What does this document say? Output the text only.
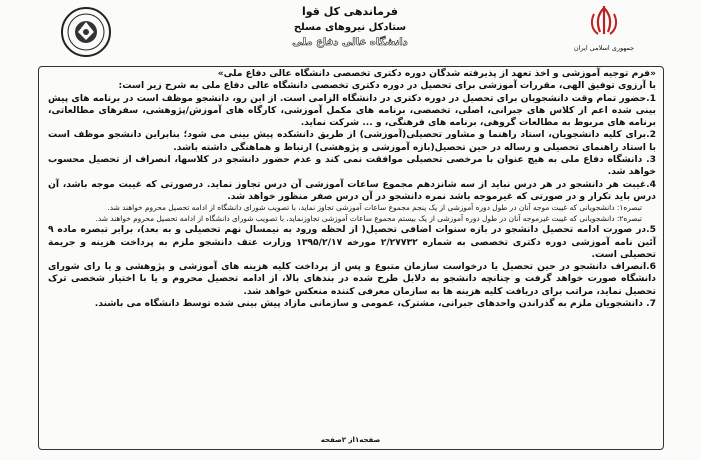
فرماندهی کل قوا
ستادکل نیروهای مسلح
دانشگاه عالی دفاع ملی	جمهوری اسلامی ایران

«فرم توجیه آموزشی و اخذ تعهد از پذیرفته شدگان دوره دکتری تخصصی دانشگاه عالی دفاع ملی»

با آرزوی توفیق الهی، مقررات آموزشی برای تحصیل در دوره دکتری تخصصی دانشگاه عالی دفاع ملی به شرح زیر است:

1.حضور تمام وقت دانشجویان برای تحصیل در دوره دکتری در دانشگاه الزامی است. از این رو، دانشجو موظف است در برنامه های پیش بینی شده اعم از کلاس های جبرانی، اصلی، تخصصی، برنامه های مکمل آموزشی، کارگاه های آموزش/پژوهشی، سفرهای مطالعاتی، برنامه های مربوط به مطالعات گروهی، برنامه های فرهنگی، و ... شرکت نماید.

2.برای کلیه دانشجویان، استاد راهنما و مشاور تحصیلی(آموزشی) از طریق دانشکده پیش بینی می شود؛ بنابراین دانشجو موظف است با استاد راهنمای تحصیلی و رساله در حین تحصیل(بازه آموزشی و پژوهشی) ارتباط و هماهنگی داشته باشد.

3. دانشگاه دفاع ملی به هیچ عنوان با مرخصی تحصیلی موافقت نمی کند و عدم حضور دانشجو در کلاسها، انصراف از تحصیل محسوب خواهد شد.

4.غیبت هر دانشجو در هر درس نباید از سه شانزدهم مجموع ساعات آموزشی آن درس تجاوز نماید. درصورتی که غیبت موجه باشد، آن درس باید تکرار و در صورتی که غیرموجه باشد نمره دانشجو در آن درس صفر منظور خواهد شد.

تبصره۱: دانشجویانی که غیبت موجه آنان در طول دوره آموزشی از یک پنجم مجموع ساعات آموزشی تجاوز نماید، با تصویب شورای دانشگاه از ادامه تحصیل محروم خواهند شد.

تبصره۲: دانشجویانی که غیبت غیرموجه آنان در طول دوره آموزشی از یک بیستم مجموع ساعات آموزشی تجاوزنماید، با تصویب شورای دانشگاه از ادامه تحصیل محروم خواهند شد.

5.در صورت ادامه تحصیل دانشجو در بازه سنوات اضافی تحصیل( از لحظه ورود به نیمسال نهم تحصیلی و به بعد)، برابر تبصره ماده ۹ آئین نامه آموزشی دوره دکتری تخصصی به شماره ۲/۲۷۷۳۲ مورخه ۱۳۹۵/۲/۱۷ وزارت عتف دانشجو ملزم به پرداخت هزینه و جریمة تحصیلی است.

6.انصراف دانشجو در حین تحصیل یا درخواست سازمان متبوع و پس از پرداخت کلیه هزینه های آموزشی و پژوهشی و یا رای شورای دانشگاه صورت خواهد گرفت و چنانچه دانشجو به دلایل طرح شده در بندهای بالا، از ادامه تحصیل محروم و یا با اختیار شخصی ترک تحصیل نماید، مراتب برای دریافت کلیه هزینه ها به سازمان معرفی کننده منعکس خواهد شد.

7. دانشجویان ملزم به گذراندن واحدهای جبرانی، مشترک، عمومی و سازمانی مازاد پیش بینی شده توسط دانشگاه می باشند.

صفحه۱از ۲صفحه
